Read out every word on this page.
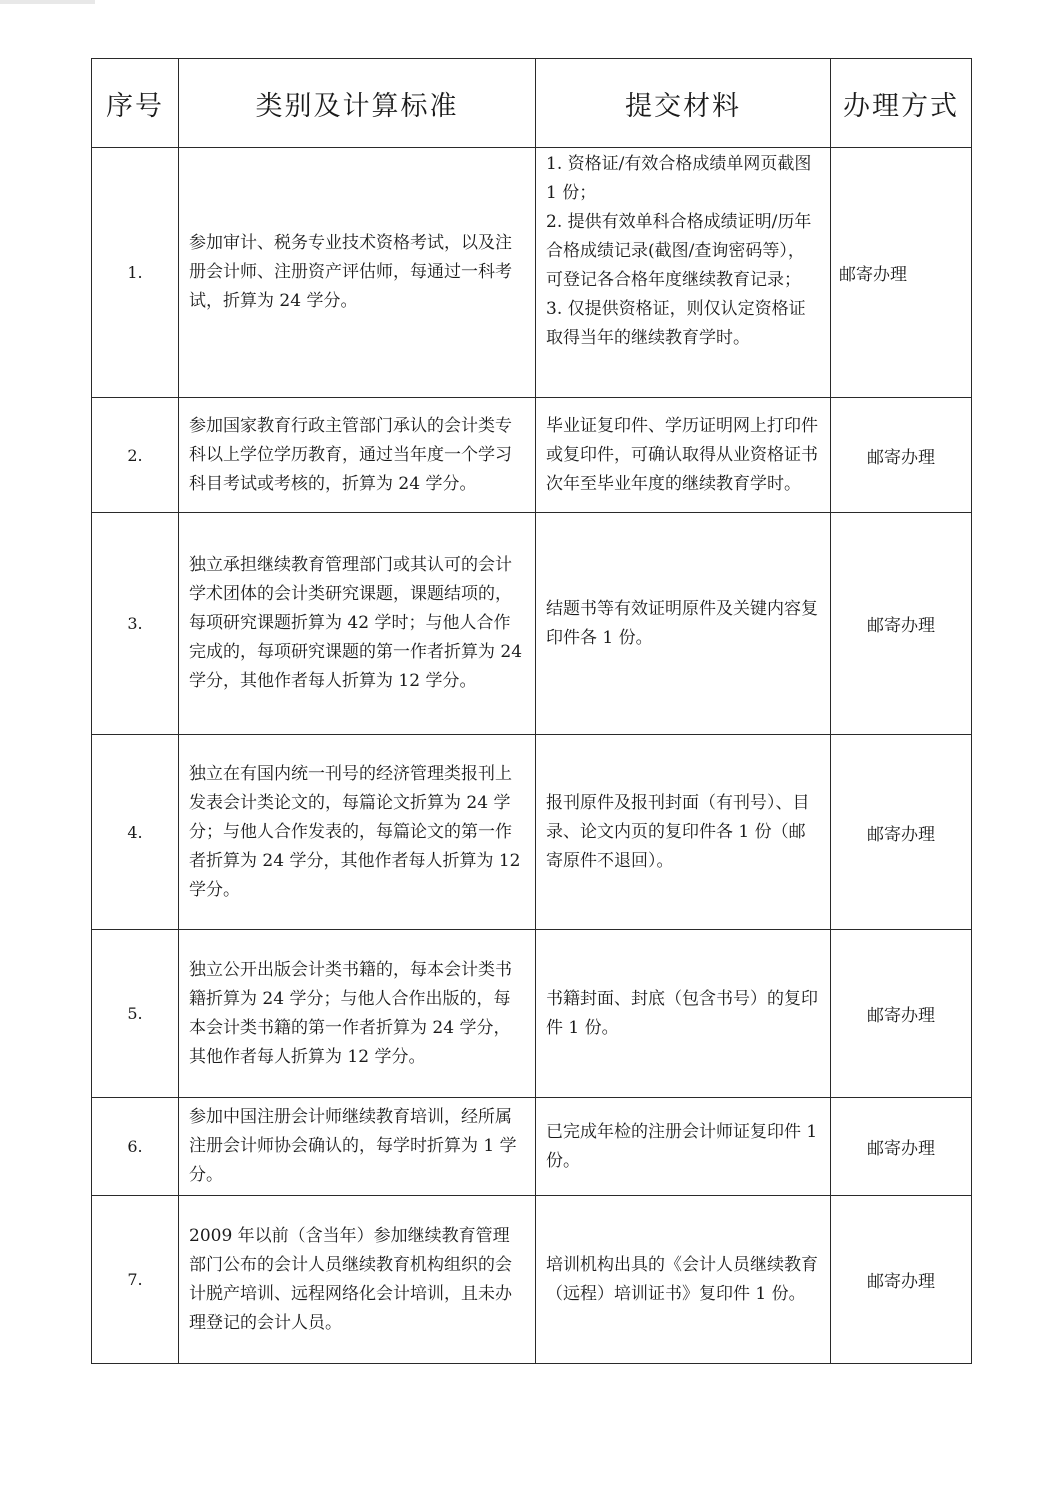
序号	类别及计算标准	提交材料	办理方式
1.	参加审计、税务专业技术资格考试，以及注册会计师、注册资产评估师，每通过一科考试，折算为 24 学分。	1. 资格证/有效合格成绩单网页截图 1 份；
2. 提供有效单科合格成绩证明/历年合格成绩记录(截图/查询密码等），可登记各合格年度继续教育记录；
3. 仅提供资格证，则仅认定资格证取得当年的继续教育学时。	邮寄办理
2.	参加国家教育行政主管部门承认的会计类专科以上学位学历教育，通过当年度一个学习科目考试或考核的，折算为 24 学分。	毕业证复印件、学历证明网上打印件或复印件，可确认取得从业资格证书次年至毕业年度的继续教育学时。	邮寄办理
3.	独立承担继续教育管理部门或其认可的会计学术团体的会计类研究课题，课题结项的，每项研究课题折算为 42 学时；与他人合作完成的，每项研究课题的第一作者折算为 24 学分，其他作者每人折算为 12 学分。	结题书等有效证明原件及关键内容复印件各 1 份。	邮寄办理
4.	独立在有国内统一刊号的经济管理类报刊上发表会计类论文的，每篇论文折算为 24 学分；与他人合作发表的，每篇论文的第一作者折算为 24 学分，其他作者每人折算为 12 学分。	报刊原件及报刊封面（有刊号）、目录、论文内页的复印件各 1 份（邮寄原件不退回）。	邮寄办理
5.	独立公开出版会计类书籍的，每本会计类书籍折算为 24 学分；与他人合作出版的，每本会计类书籍的第一作者折算为 24 学分，其他作者每人折算为 12 学分。	书籍封面、封底（包含书号）的复印件 1 份。	邮寄办理
6.	参加中国注册会计师继续教育培训，经所属注册会计师协会确认的，每学时折算为 1 学分。	已完成年检的注册会计师证复印件 1 份。	邮寄办理
7.	2009 年以前（含当年）参加继续教育管理部门公布的会计人员继续教育机构组织的会计脱产培训、远程网络化会计培训，且未办理登记的会计人员。	培训机构出具的《会计人员继续教育（远程）培训证书》复印件 1 份。	邮寄办理
